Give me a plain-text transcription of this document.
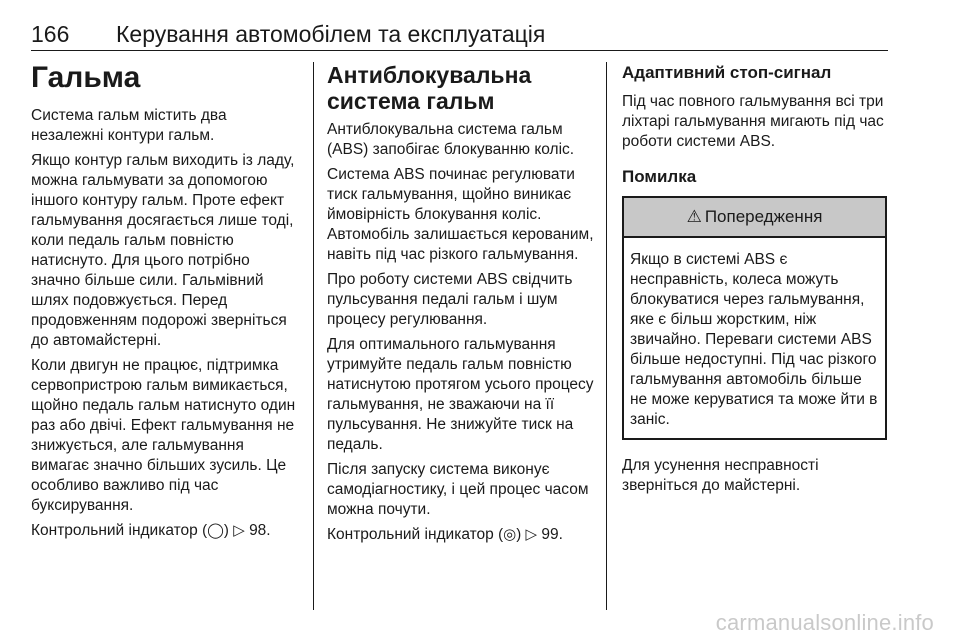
166 Керування автомобілем та експлуатація
Гальма
Система гальм містить два незалежні контури гальм.
Якщо контур гальм виходить із ладу, можна гальмувати за допомогою іншого контуру гальм. Проте ефект гальмування досягається лише тоді, коли педаль гальм повністю натиснуто. Для цього потрібно значно більше сили. Гальмівний шлях подовжується. Перед продовженням подорожі зверніться до автомайстерні.
Коли двигун не працює, підтримка сервопристрою гальм вимикається, щойно педаль гальм натиснуто один раз або двічі. Ефект гальмування не знижується, але гальмування вимагає значно більших зусиль. Це особливо важливо під час буксирування.
Контрольний індикатор (◯) ▷ 98.
Антиблокувальна система гальм
Антиблокувальна система гальм (ABS) запобігає блокуванню коліс.
Система ABS починає регулювати тиск гальмування, щойно виникає ймовірність блокування коліс. Автомобіль залишається керованим, навіть під час різкого гальмування.
Про роботу системи ABS свідчить пульсування педалі гальм і шум процесу регулювання.
Для оптимального гальмування утримуйте педаль гальм повністю натиснутою протягом усього процесу гальмування, не зважаючи на її пульсування. Не знижуйте тиск на педаль.
Після запуску система виконує самодіагностику, і цей процес часом можна почути.
Контрольний індикатор (◎) ▷ 99.
Адаптивний стоп-сигнал
Під час повного гальмування всі три ліхтарі гальмування мигають під час роботи системи ABS.
Помилка
⚠ Попередження
Якщо в системі ABS є несправність, колеса можуть блокуватися через гальмування, яке є більш жорстким, ніж звичайно. Переваги системи ABS більше недоступні. Під час різкого гальмування автомобіль більше не може керуватися та може йти в заніс.
Для усунення несправності зверніться до майстерні.
carmanualsonline.info
